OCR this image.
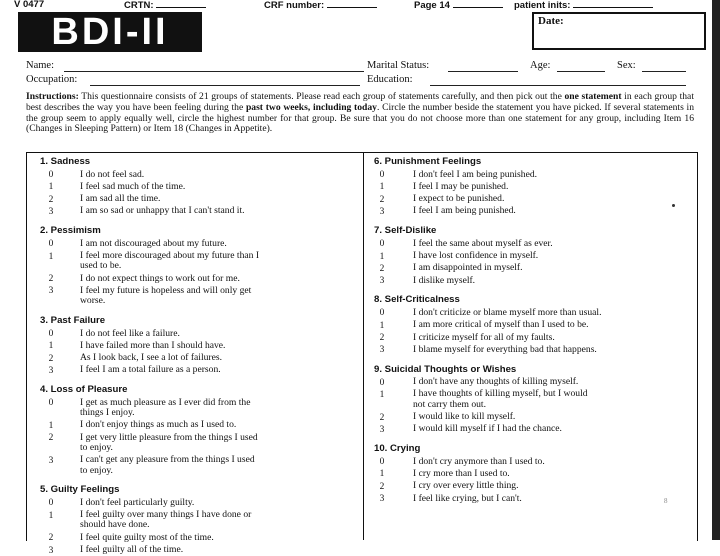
V 0477	CRTN:	CRF number:	Page 14	patient inits:
BDI-II	Date:
Name:	Marital Status:	Age:	Sex:
Occupation:	Education:
Instructions: This questionnaire consists of 21 groups of statements. Please read each group of statements carefully, and then pick out the one statement in each group that best describes the way you have been feeling during the past two weeks, including today. Circle the number beside the statement you have picked. If several statements in the group seem to apply equally well, circle the highest number for that group. Be sure that you do not choose more than one statement for any group, including Item 16 (Changes in Sleeping Pattern) or Item 18 (Changes in Appetite).
1. Sadness
0	I do not feel sad.
1	I feel sad much of the time.
2	I am sad all the time.
3	I am so sad or unhappy that I can't stand it.
2. Pessimism
0	I am not discouraged about my future.
1	I feel more discouraged about my future than I
used to be.
2	I do not expect things to work out for me.
3	I feel my future is hopeless and will only get
worse.
3. Past Failure
0	I do not feel like a failure.
1	I have failed more than I should have.
2	As I look back, I see a lot of failures.
3	I feel I am a total failure as a person.
4. Loss of Pleasure
0	I get as much pleasure as I ever did from the
things I enjoy.
1	I don't enjoy things as much as I used to.
2	I get very little pleasure from the things I used
to enjoy.
3	I can't get any pleasure from the things I used
to enjoy.
5. Guilty Feelings
0	I don't feel particularly guilty.
1	I feel guilty over many things I have done or
should have done.
2	I feel quite guilty most of the time.
3	I feel guilty all of the time.
6. Punishment Feelings
0	I don't feel I am being punished.
1	I feel I may be punished.
2	I expect to be punished.
3	I feel I am being punished.
7. Self-Dislike
0	I feel the same about myself as ever.
1	I have lost confidence in myself.
2	I am disappointed in myself.
3	I dislike myself.
8. Self-Criticalness
0	I don't criticize or blame myself more than usual.
1	I am more critical of myself than I used to be.
2	I criticize myself for all of my faults.
3	I blame myself for everything bad that happens.
9. Suicidal Thoughts or Wishes
0	I don't have any thoughts of killing myself.
1	I have thoughts of killing myself, but I would
not carry them out.
2	I would like to kill myself.
3	I would kill myself if I had the chance.
10. Crying
0	I don't cry anymore than I used to.
1	I cry more than I used to.
2	I cry over every little thing.
3	I feel like crying, but I can't.	8
